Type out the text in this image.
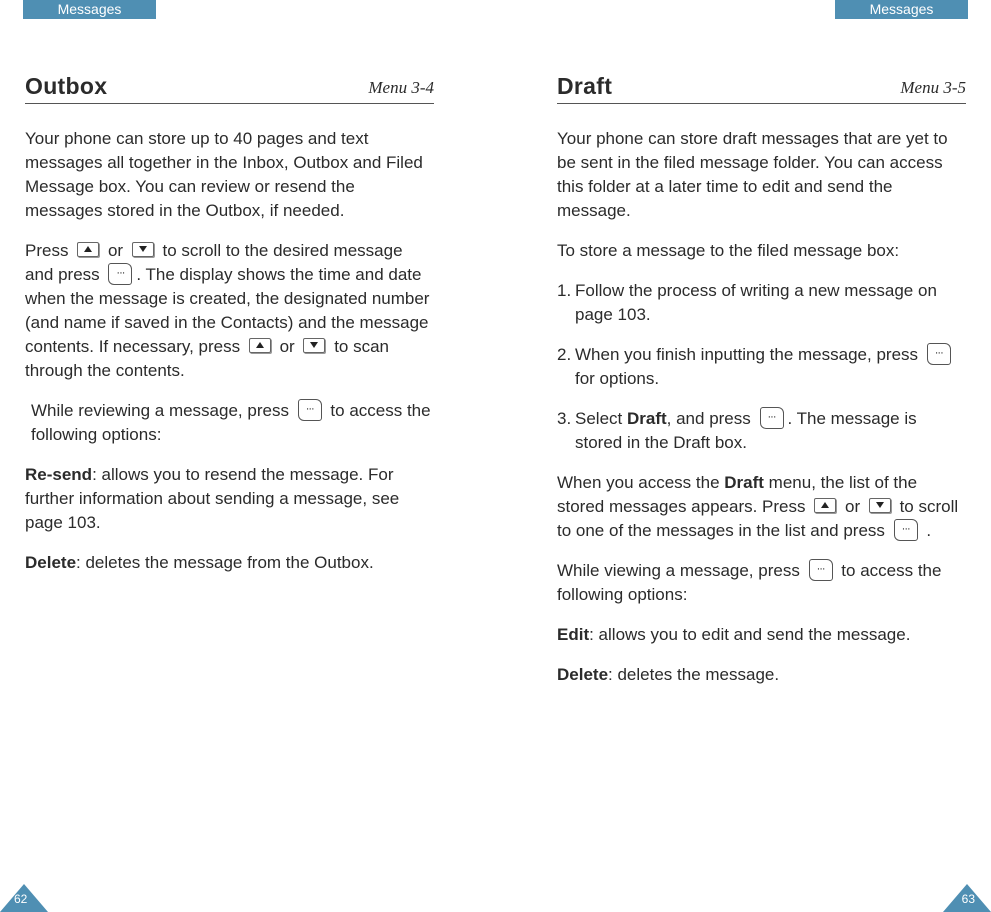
Messages	Messages
Outbox	Menu 3-4

Your phone can store up to 40 pages and text messages all together in the Inbox, Outbox and Filed Message box. You can review or resend the messages stored in the Outbox, if needed.

Press or to scroll to the desired message and press ··· . The display shows the time and date when the message is created, the designated number (and name if saved in the Contacts) and the message contents. If necessary, press or to scan through the contents.

While reviewing a message, press ··· to access the following options:

Re-send: allows you to resend the message. For further information about sending a message, see page 103.

Delete: deletes the message from the Outbox.

Draft	Menu 3-5

Your phone can store draft messages that are yet to be sent in the filed message folder. You can access this folder at a later time to edit and send the message.

To store a message to the filed message box:

1. Follow the process of writing a new message on page 103.
2. When you finish inputting the message, press ··· for options.
3. Select Draft, and press ··· . The message is stored in the Draft box.

When you access the Draft menu, the list of the stored messages appears. Press or to scroll to one of the messages in the list and press ··· .

While viewing a message, press ··· to access the following options:

Edit: allows you to edit and send the message.

Delete: deletes the message.

62	63
